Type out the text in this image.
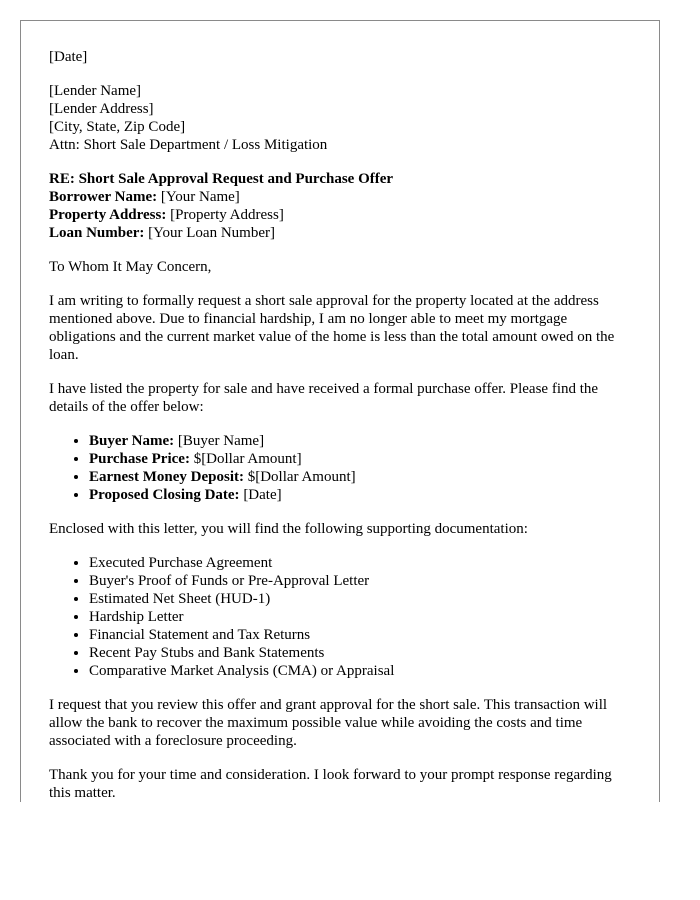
[Date]

[Lender Name]
[Lender Address]
[City, State, Zip Code]
Attn: Short Sale Department / Loss Mitigation
RE: Short Sale Approval Request and Purchase Offer
Borrower Name: [Your Name]
Property Address: [Property Address]
Loan Number: [Your Loan Number]

To Whom It May Concern,

I am writing to formally request a short sale approval for the property located at the address mentioned above. Due to financial hardship, I am no longer able to meet my mortgage obligations and the current market value of the home is less than the total amount owed on the loan.

I have listed the property for sale and have received a formal purchase offer. Please find the details of the offer below:

• Buyer Name: [Buyer Name]
• Purchase Price: $[Dollar Amount]
• Earnest Money Deposit: $[Dollar Amount]
• Proposed Closing Date: [Date]

Enclosed with this letter, you will find the following supporting documentation:

• Executed Purchase Agreement
• Buyer's Proof of Funds or Pre-Approval Letter
• Estimated Net Sheet (HUD-1)
• Hardship Letter
• Financial Statement and Tax Returns
• Recent Pay Stubs and Bank Statements
• Comparative Market Analysis (CMA) or Appraisal

I request that you review this offer and grant approval for the short sale. This transaction will allow the bank to recover the maximum possible value while avoiding the costs and time associated with a foreclosure proceeding.

Thank you for your time and consideration. I look forward to your prompt response regarding this matter.
